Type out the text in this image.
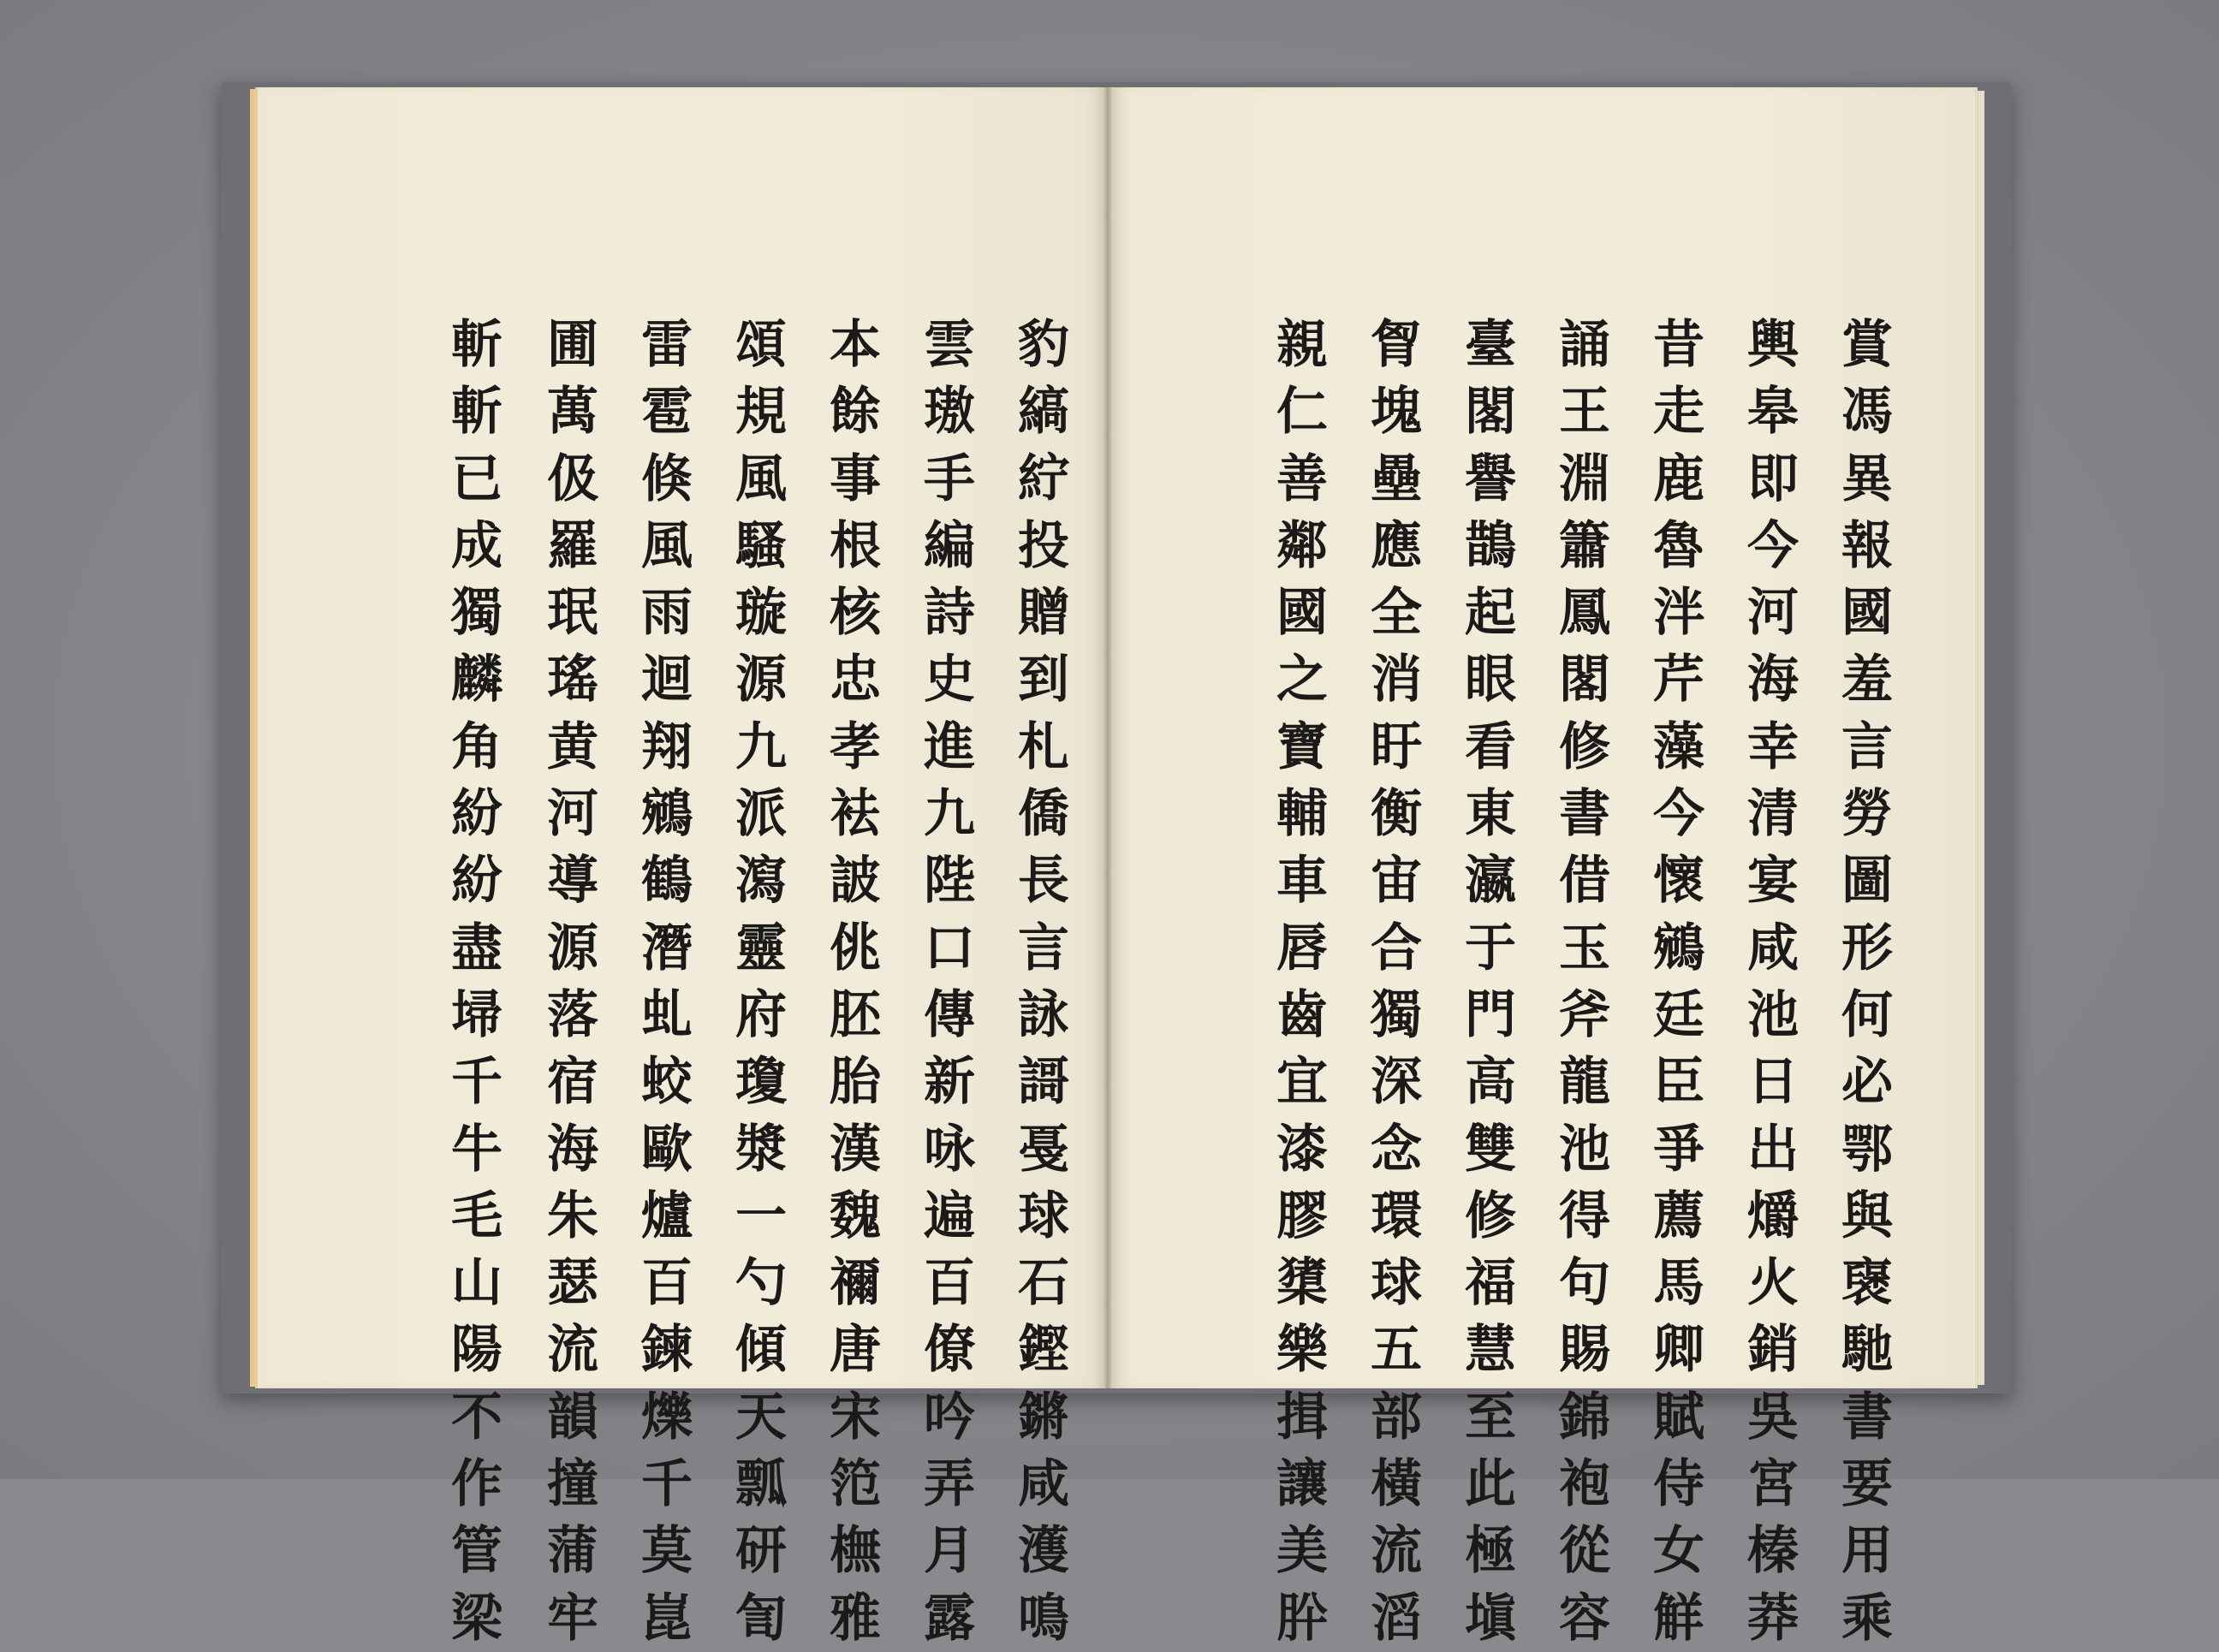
豹
縞
紵
投
贈
到
札
僑
長
言
詠
謌
戞
球
石
鏗
鏘
咸
濩
鳴
雲
璈
手
編
詩
史
進
九
陛
口
傳
新
咏
遍
百
僚
吟
弄
月
露
本
餘
事
根
核
忠
孝
袪
詖
佻
胚
胎
漢
魏
禰
唐
宋
笵
橅
雅
頌
規
風
騷
璇
源
九
派
瀉
靈
府
瓊
漿
一
勺
傾
天
瓢
研
訇
雷
雹
倏
風
雨
迴
翔
鵷
鶴
潛
虬
蛟
歐
爐
百
鍊
爍
千
莫
崑
圃
萬
伋
羅
珉
瑤
黄
河
導
源
落
宿
海
朱
瑟
流
韻
撞
蒲
牢
斬
斬
已
成
獨
麟
角
紛
紛
盡
埽
千
牛
毛
山
陽
不
作
管
梁
賞
馮
異
報
國
羞
言
勞
圖
形
何
必
鄂
與
襃
馳
書
要
用
乘
輿
皋
即
今
河
海
幸
清
宴
咸
池
日
出
爝
火
銷
吳
宮
榛
莽
昔
走
鹿
魯
泮
芹
藻
今
懷
鵷
廷
臣
爭
薦
馬
卿
賦
侍
女
觧
誦
王
淵
簫
鳳
閣
修
書
借
玉
斧
龍
池
得
句
賜
錦
袍
從
容
臺
閣
譽
鵲
起
眼
看
東
瀛
于
門
高
雙
修
福
慧
至
此
極
塡
胷
塊
壘
應
全
消
盱
衡
宙
合
獨
深
念
環
球
五
部
橫
流
滔
親
仁
善
鄰
國
之
寶
輔
車
唇
齒
宜
漆
膠
橥
樂
揖
讓
美
肸
